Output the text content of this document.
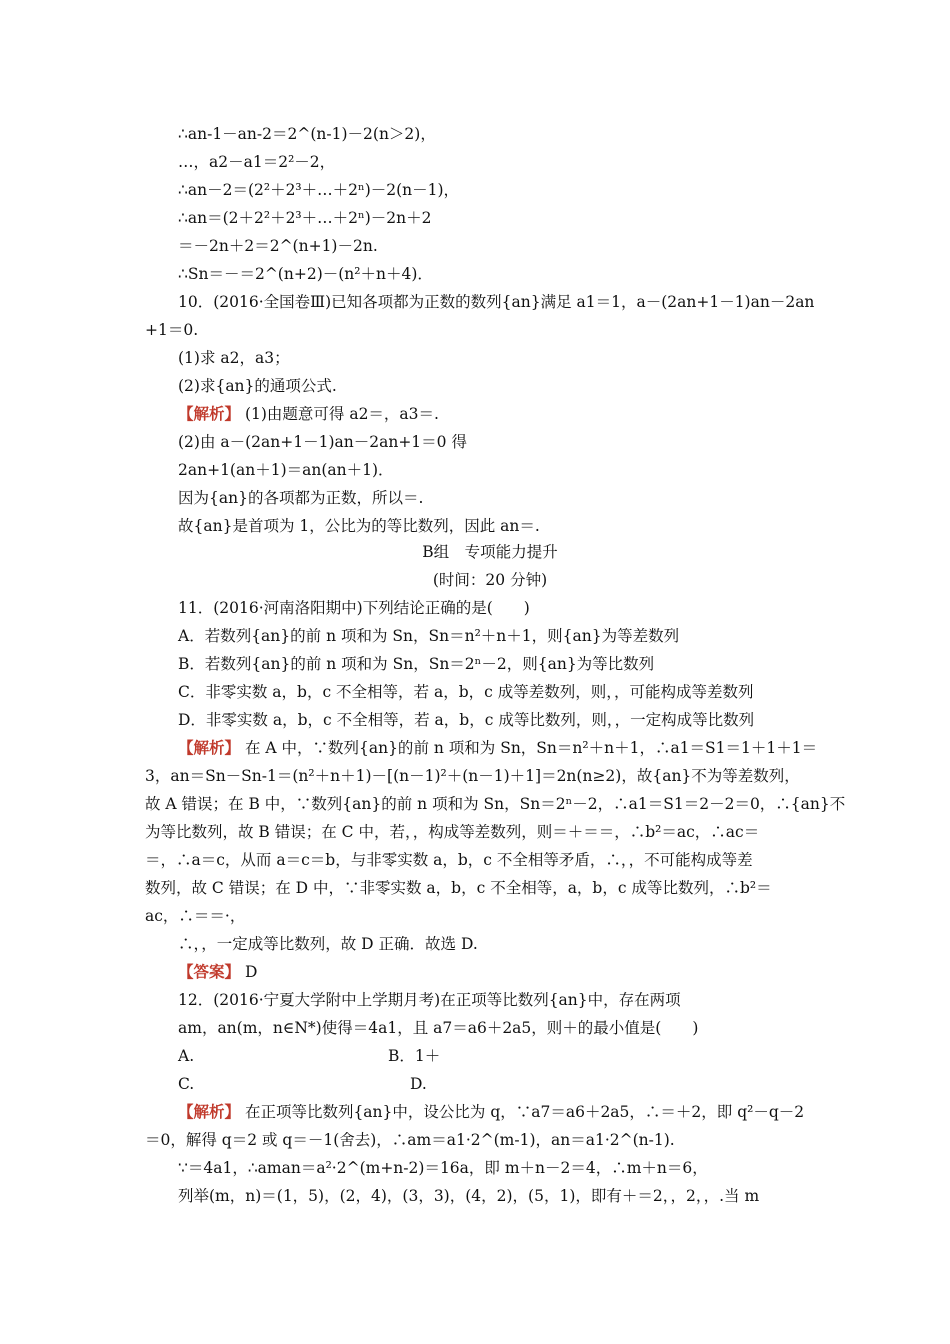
∴an-1－an-2＝2^(n-1)－2(n＞2)，
…，a2－a1＝2²－2，
∴an－2＝(2²＋2³＋…＋2ⁿ)－2(n－1)，
∴an＝(2＋2²＋2³＋…＋2ⁿ)－2n＋2
＝－2n＋2＝2^(n+1)－2n.
∴Sn＝－＝2^(n+2)－(n²＋n＋4)．
10．(2016·全国卷Ⅲ)已知各项都为正数的数列{an}满足 a1＝1，a－(2an+1－1)an－2an
+1＝0.
(1)求 a2，a3；
(2)求{an}的通项公式.
【解析】 (1)由题意可得 a2＝，a3＝.
(2)由 a－(2an+1－1)an－2an+1＝0 得
2an+1(an＋1)＝an(an＋1)．
因为{an}的各项都为正数，所以＝.
故{an}是首项为 1，公比为的等比数列，因此 an＝.
B组　专项能力提升
(时间：20 分钟)
11．(2016·河南洛阳期中)下列结论正确的是(　　)
A．若数列{an}的前 n 项和为 Sn，Sn＝n²＋n＋1，则{an}为等差数列
B．若数列{an}的前 n 项和为 Sn，Sn＝2ⁿ－2，则{an}为等比数列
C．非零实数 a，b，c 不全相等，若 a，b，c 成等差数列，则，，可能构成等差数列
D．非零实数 a，b，c 不全相等，若 a，b，c 成等比数列，则，，一定构成等比数列
【解析】 在 A 中，∵数列{an}的前 n 项和为 Sn，Sn＝n²＋n＋1，∴a1＝S1＝1＋1＋1＝
3，an＝Sn－Sn-1＝(n²＋n＋1)－[(n－1)²＋(n－1)＋1]＝2n(n≥2)，故{an}不为等差数列，
故 A 错误；在 B 中，∵数列{an}的前 n 项和为 Sn，Sn＝2ⁿ－2，∴a1＝S1＝2－2＝0，∴{an}不
为等比数列，故 B 错误；在 C 中，若，，构成等差数列，则＝＋＝＝，∴b²＝ac，∴ac＝
＝，∴a＝c，从而 a＝c＝b，与非零实数 a，b，c 不全相等矛盾，∴，，不可能构成等差
数列，故 C 错误；在 D 中，∵非零实数 a，b，c 不全相等，a，b，c 成等比数列，∴b²＝
ac，∴＝＝·，
∴，，一定成等比数列，故 D 正确．故选 D.
【答案】 D
12．(2016·宁夏大学附中上学期月考)在正项等比数列{an}中，存在两项
am，an(m，n∈N*)使得＝4a1，且 a7＝a6＋2a5，则＋的最小值是(　　)
A.	B．1＋
C.	D.
【解析】 在正项等比数列{an}中，设公比为 q，∵a7＝a6＋2a5，∴＝＋2，即 q²－q－2
＝0，解得 q＝2 或 q＝－1(舍去)，∴am＝a1·2^(m-1)，an＝a1·2^(n-1).
∵＝4a1，∴aman＝a²·2^(m+n-2)＝16a，即 m＋n－2＝4，∴m＋n＝6，
列举(m，n)＝(1，5)，(2，4)，(3，3)，(4，2)，(5，1)，即有＋＝2，，2，，.当 m
